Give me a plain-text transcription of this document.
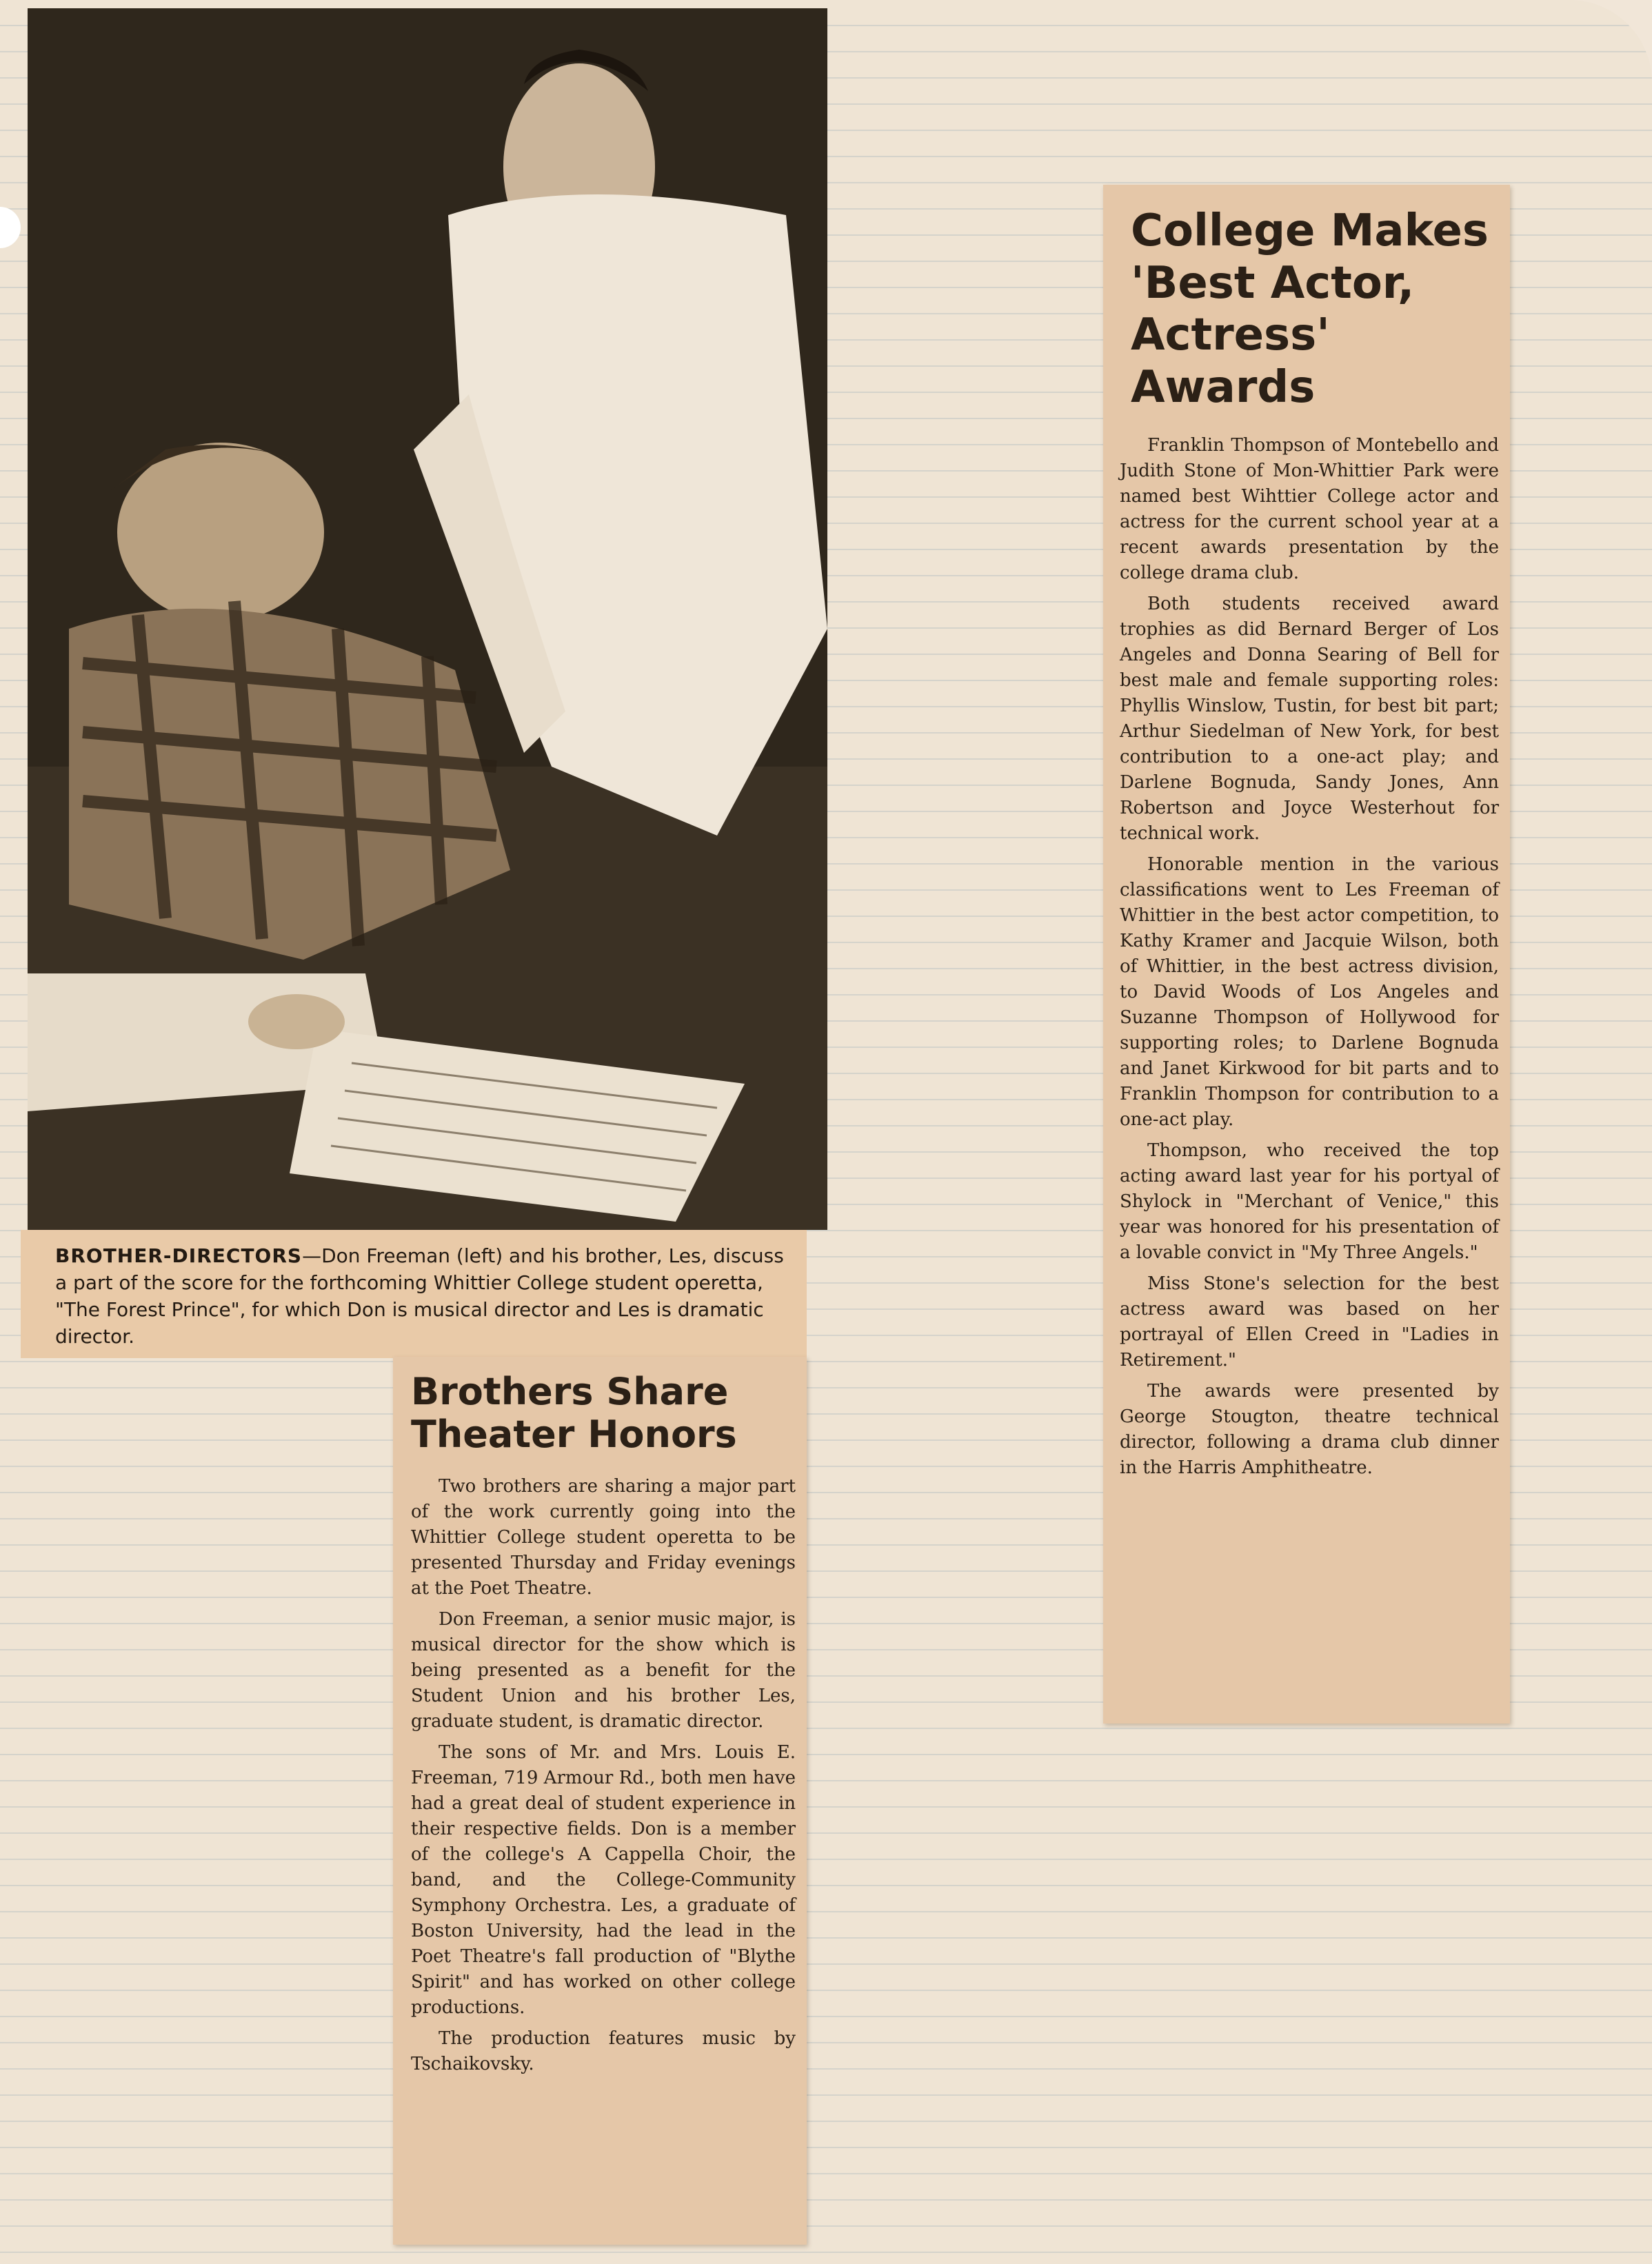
BROTHER-DIRECTORS—Don Freeman (left) and his brother, Les, discuss a part of the score for the forthcoming Whittier College student operetta, "The Forest Prince", for which Don is musical director and Les is dramatic director.
Brothers Share Theater Honors

Two brothers are sharing a major part of the work currently going into the Whittier College student operetta to be presented Thursday and Friday evenings at the Poet Theatre.

Don Freeman, a senior music major, is musical director for the show which is being presented as a benefit for the Student Union and his brother Les, graduate student, is dramatic director.

The sons of Mr. and Mrs. Louis E. Freeman, 719 Armour Rd., both men have had a great deal of student experience in their respective fields. Don is a member of the college's A Cappella Choir, the band, and the College-Community Symphony Orchestra. Les, a graduate of Boston University, had the lead in the Poet Theatre's fall production of "Blythe Spirit" and has worked on other college productions.

The production features music by Tschaikovsky.

College Makes 'Best Actor, Actress' Awards

Franklin Thompson of Montebello and Judith Stone of Mon-Whittier Park were named best Wihttier College actor and actress for the current school year at a recent awards presentation by the college drama club.

Both students received award trophies as did Bernard Berger of Los Angeles and Donna Searing of Bell for best male and female supporting roles: Phyllis Winslow, Tustin, for best bit part; Arthur Siedelman of New York, for best contribution to a one-act play; and Darlene Bognuda, Sandy Jones, Ann Robertson and Joyce Westerhout for technical work.

Honorable mention in the various classifications went to Les Freeman of Whittier in the best actor competition, to Kathy Kramer and Jacquie Wilson, both of Whittier, in the best actress division, to David Woods of Los Angeles and Suzanne Thompson of Hollywood for supporting roles; to Darlene Bognuda and Janet Kirkwood for bit parts and to Franklin Thompson for contribution to a one-act play.

Thompson, who received the top acting award last year for his portyal of Shylock in "Merchant of Venice," this year was honored for his presentation of a lovable convict in "My Three Angels."

Miss Stone's selection for the best actress award was based on her portrayal of Ellen Creed in "Ladies in Retirement."

The awards were presented by George Stougton, theatre technical director, following a drama club dinner in the Harris Amphitheatre.
